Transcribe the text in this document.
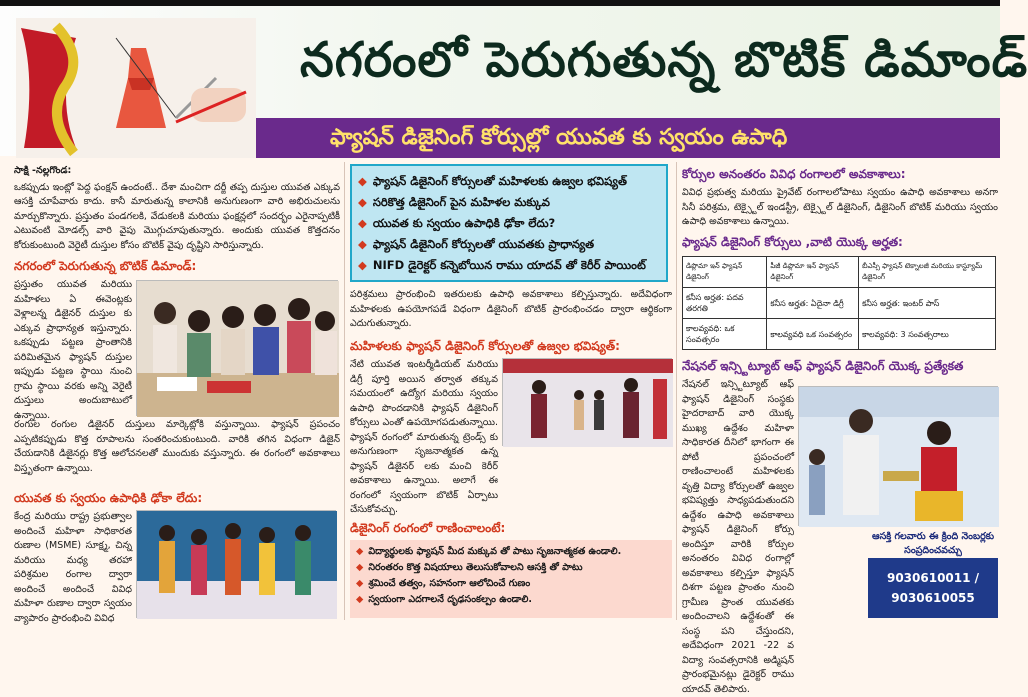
నగరంలో పెరుగుతున్న బొటిక్ డిమాండ్
ఫ్యాషన్ డిజైనింగ్ కోర్సుల్లో యువత కు స్వయం ఉపాధి

సాక్షి -నల్లగొండ:

ఒకప్పుడు ఇంట్లో పెద్ద ఫంక్షన్ ఉందంటే.. దేశా మంచిగా దర్జీ తప్ప దుస్తుల యువత ఎక్కువ ఆసక్తి చూపేవారు కాదు. కానీ మారుతున్న కాలానికి అనుగుణంగా వారి అభిరుచులను మార్చుకొన్నారు. ప్రస్తుతం పండగలకి, వేడుకలకి మరియు ఫంక్షన్లలో సందర్భం ఎరైనాప్పటికీ ఎటువంటి మోడల్స్ వారి వైపు మొగ్గుచూపుతున్నారు. అందుకు యువత కొత్తదనం కోరుకుంటుంది వెరైటీ దుస్తుల కోసం బొటిక్ వైపు దృష్టిని సారిస్తున్నారు.

నగరంలో పెరుగుతున్న బొటిక్ డిమాండ్:

ప్రస్తుతం యువత మరియు మహిళలు ఏ ఈవెంట్లకు వెళ్లాలన్న డిజైనర్ దుస్తుల కు ఎక్కువ ప్రాధాన్యత ఇస్తున్నారు. ఒకప్పుడు పట్టణ ప్రాంతానికి పరిమితమైన ఫ్యాషన్ దుస్తుల ఇప్పుడు పట్టణ స్థాయి నుంచి గ్రామ స్థాయి వరకు అన్ని వెరైటీ దుస్తులు అందుబాటులో ఉన్నాయి.

రంగుల రంగుల డిజైనర్ దుస్తులు మార్కెట్లోకి వస్తున్నాయి. ఫ్యాషన్ ప్రపంచం ఎప్పటికప్పుడు కొత్త రూపాలను సంతరించుకుంటుంది. వారికి తగిన విధంగా డిజైన్ చేయడానికి డిజైనర్లు కొత్త ఆలోచనలతో ముందుకు వస్తున్నారు. ఈ రంగంలో అవకాశాలు విస్తృతంగా ఉన్నాయి.

యువత కు స్వయం ఉపాధికి ఢోకా లేదు:

కేంద్ర మరియు రాష్ట్ర ప్రభుత్వాల అందించే మహిళా సాధికారత రుణాల (MSME) సూక్ష్మ, చిన్న మరియు మధ్య తరహా పరిశ్రమల రంగాల ద్వారా అందించే అందించే వివిధ మహిళా రుణాల ద్వారా స్వయం వ్యాపారం ప్రారంభించి వివిధ

◆ ఫ్యాషన్ డిజైనింగ్ కోర్సులతో మహిళలకు ఉజ్వల భవిష్యత్
◆ సరికొత్త డిజైనింగ్ పైన మహిళల మక్కువ
◆ యువత కు స్వయం ఉపాధికి ఢోకా లేదు?
◆ ఫ్యాషన్ డిజైనింగ్ కోర్సులతో యువతకు ప్రాధాన్యత
◆ NIFD డైరెక్టర్ కన్నెబోయిన రాము యాదవ్ తో కెరీర్ పాయింట్

పరిశ్రమలు ప్రారంభించి ఇతరులకు ఉపాధి అవకాశాలు కల్పిస్తున్నారు. అదేవిధంగా మహిళలకు ఉపయోగపడే విధంగా డిజైనింగ్ బొటిక్ ప్రారంభించడం ద్వారా ఆర్థికంగా ఎదుగుతున్నారు.

మహిళలకు ఫ్యాషన్ డిజైనింగ్ కోర్సులతో ఉజ్వల భవిష్యత్:

నేటి యువత ఇంటర్మీడియట్ మరియు డిగ్రీ పూర్తి అయిన తర్వాత తక్కువ సమయంలో ఉద్యోగ మరియు స్వయం ఉపాధి పొందడానికి ఫ్యాషన్ డిజైనింగ్ కోర్సులు ఎంతో ఉపయోగపడుతున్నాయి. ఫ్యాషన్ రంగంలో మారుతున్న ట్రెండ్స్ కు అనుగుణంగా సృజనాత్మకత ఉన్న ఫ్యాషన్ డిజైనర్ లకు మంచి కెరీర్ అవకాశాలు ఉన్నాయి. అలాగే ఈ రంగంలో స్వయంగా బొటిక్ ఏర్పాటు చేసుకోవచ్చు.

డిజైనింగ్ రంగంలో రాణించాలంటే:
◆ విద్యార్థులకు ఫ్యాషన్ మీద మక్కువ తో పాటు సృజనాత్మకత ఉండాలి.
◆ నిరంతరం కొత్త విషయాలు తెలుసుకోవాలని ఆసక్తి తో పాటు
◆ శ్రమించే తత్వం, సహనంగా ఆలోచించే గుణం
◆ స్వయంగా ఎదగాలనే దృఢసంకల్పం ఉండాలి.
కోర్సుల అనంతరం వివిధ రంగాలలో అవకాశాలు:

వివిధ ప్రభుత్వ మరియు ప్రైవేట్ రంగాలలోపాటు స్వయం ఉపాధి అవకాశాలు అనగా సినీ పరిశ్రమ, టెక్స్టైల్ ఇండస్ట్రీ, టెక్స్టైల్ డిజైనింగ్, డిజైనింగ్ బొటిక్ మరియు స్వయం ఉపాధి అవకాశాలు ఉన్నాయి.

ఫ్యాషన్ డిజైనింగ్ కోర్సులు ,వాటి యొక్క అర్హత:
డిప్లొమా ఇన్ ఫ్యాషన్ డిజైనింగ్	పీజీ డిప్లొమా ఇన్ ఫ్యాషన్ డిజైనింగ్	బీఎస్సీ ఫ్యాషన్ టెక్నాలజీ మరియు కాస్ట్యూమ్ డిజైనింగ్
కనీస అర్హత: పదవ తరగతి	కనీస అర్హత: ఏదైనా డిగ్రీ	కనీస అర్హత: ఇంటర్ పాస్
కాలవ్యవధి: ఒక సంవత్సరం	కాలవ్యవధి ఒక సంవత్సరం	కాలవ్యవధి: 3 సంవత్సరాలు
నేషనల్ ఇన్స్టిట్యూట్ ఆఫ్ ఫ్యాషన్ డిజైనింగ్ యొక్క ప్రత్యేకత

నేషనల్ ఇన్స్టిట్యూట్ ఆఫ్ ఫ్యాషన్ డిజైనింగ్ సంస్థకు హైదరాబాద్ వారి యొక్క ముఖ్య ఉద్దేశం మహిళా సాధికారత దీనిలో భాగంగా ఈ పోటీ ప్రపంచంలో రాణించాలంటే మహిళలకు వృత్తి విద్యా కోర్సులతో ఉజ్వల భవిష్యత్తు సాధ్యపడుతుందని ఉద్దేశం ఉపాధి అవకాశాలు ఫ్యాషన్ డిజైనింగ్ కోర్సు అందిస్తూ వారికి కోర్సుల అనంతరం వివిధ రంగాల్లో అవకాశాలు కల్పిస్తూ ఫ్యాషన్ దిశగా పట్టణ ప్రాంతం నుంచి గ్రామీణ ప్రాంత యువతకు అందించాలని ఉద్దేశంతో ఈ సంస్థ పని చేస్తుందని, అదేవిధంగా 2021 -22 వ విద్యా సంవత్సరానికి అడ్మిషన్ ప్రారంభమైనట్లు డైరెక్టర్ రాము యాదవ్ తెలిపారు.

ఆసక్తి గలవారు ఈ క్రింది నెంబర్లకు సంప్రదించవచ్చు
9030610011 /
9030610055
